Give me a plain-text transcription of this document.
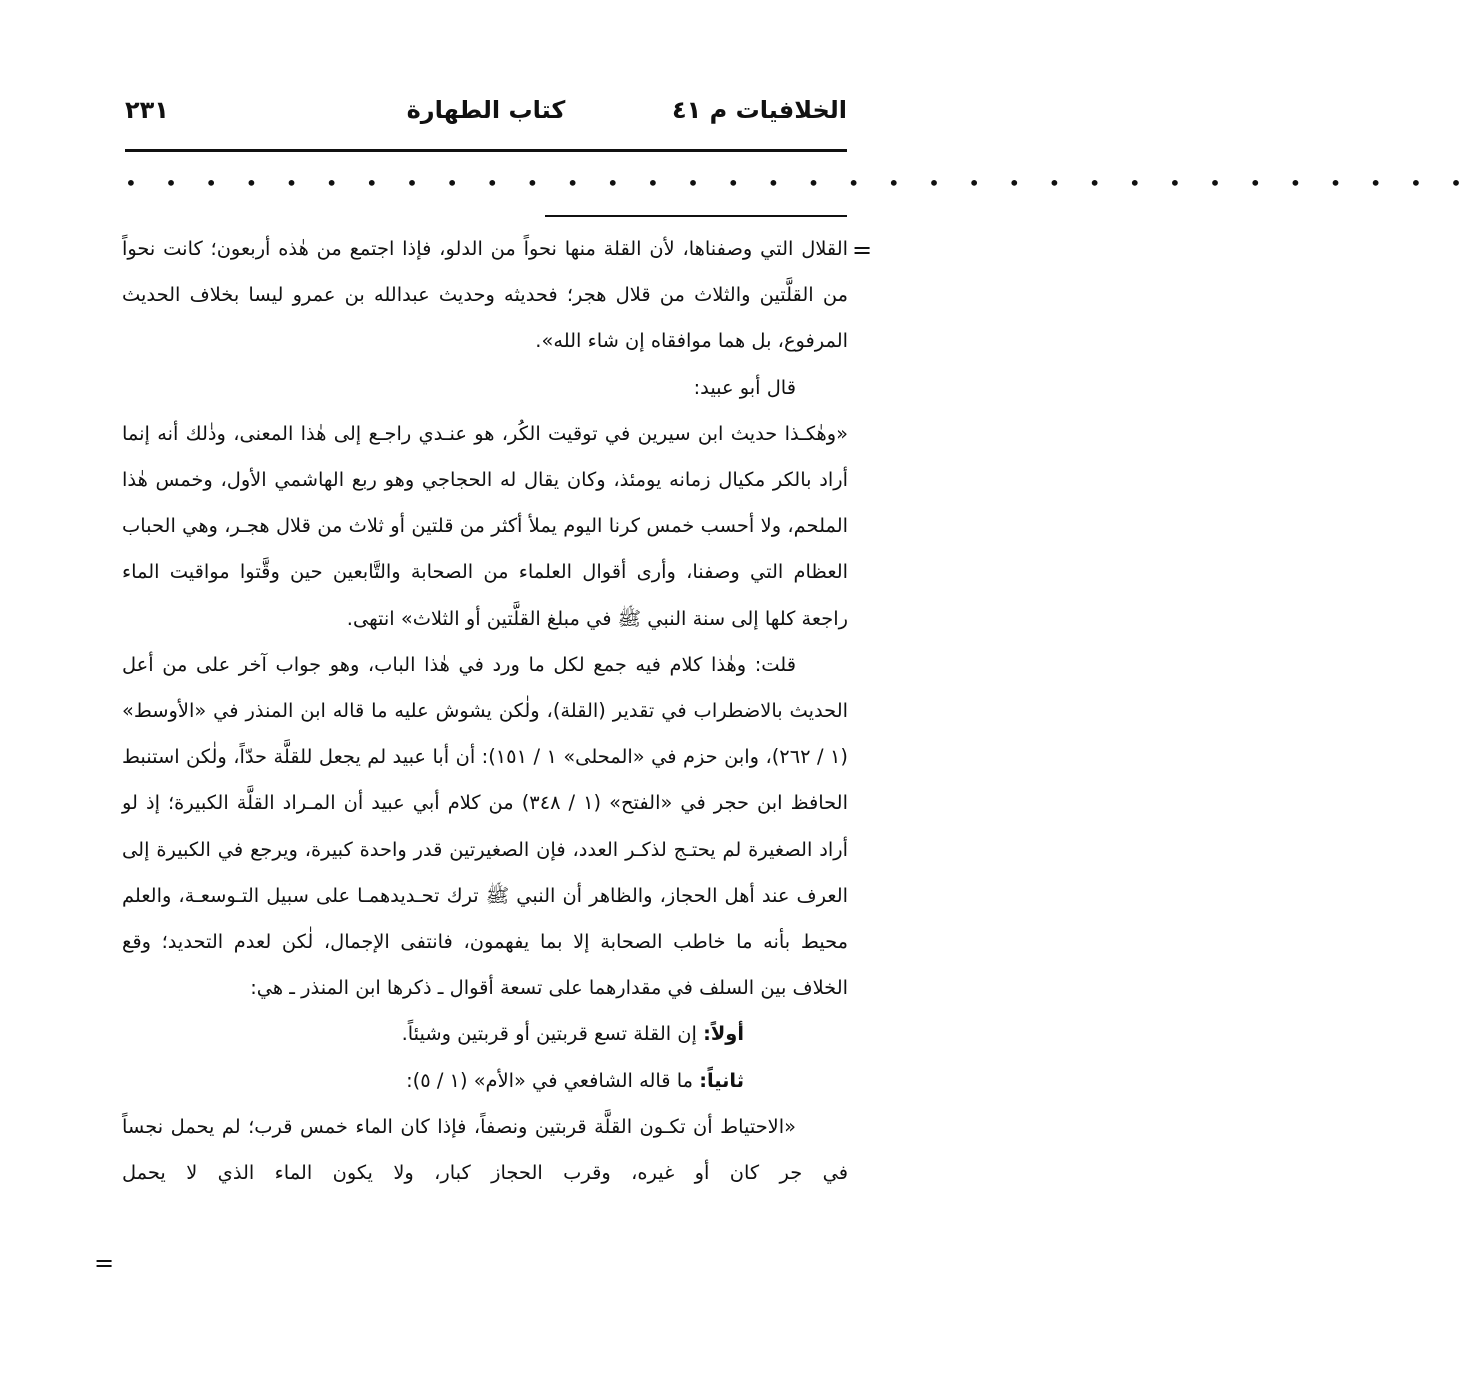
الخلافيات م ٤١
كتاب الطهارة
٢٣١
• • • • • • • • • • • • • • • • • • • • • • • • • • • • • • • • • •
=

القلال التي وصفناها، لأن القلة منها نحواً من الدلو، فإذا اجتمع من هٰذه أربعون؛ كانت نحواً من القلَّتين والثلاث من قلال هجر؛ فحديثه وحديث عبدالله بن عمرو ليسا بخلاف الحديث المرفوع، بل هما موافقاه إن شاء الله».

قال أبو عبيد:

«وهٰكـذا حديث ابن سيرين في توقيت الكُر، هو عنـدي راجـع إلى هٰذا المعنى، وذٰلك أنه إنما أراد بالكر مكيال زمانه يومئذ، وكان يقال له الحجاجي وهو ربع الهاشمي الأول، وخمس هٰذا الملحم، ولا أحسب خمس كرنا اليوم يملأ أكثر من قلتين أو ثلاث من قلال هجـر، وهي الحباب العظام التي وصفنا، وأرى أقوال العلماء من الصحابة والتَّابعين حين وقَّتوا مواقيت الماء راجعة كلها إلى سنة النبي ﷺ في مبلغ القلَّتين أو الثلاث» انتهى.

قلت: وهٰذا كلام فيه جمع لكل ما ورد في هٰذا الباب، وهو جواب آخر على من أعل الحديث بالاضطراب في تقدير (القلة)، ولٰكن يشوش عليه ما قاله ابن المنذر في «الأوسط» (١ / ٢٦٢)، وابن حزم في «المحلى» ١ / ١٥١): أن أبا عبيد لم يجعل للقلَّة حدّاً، ولٰكن استنبط الحافظ ابن حجر في «الفتح» (١ / ٣٤٨) من كلام أبي عبيد أن المـراد القلَّة الكبيرة؛ إذ لو أراد الصغيرة لم يحتـج لذكـر العدد، فإن الصغيرتين قدر واحدة كبيرة، ويرجع في الكبيرة إلى العرف عند أهل الحجاز، والظاهر أن النبي ﷺ ترك تحـديدهمـا على سبيل التـوسعـة، والعلم محيط بأنه ما خاطب الصحابة إلا بما يفهمون، فانتفى الإجمال، لٰكن لعدم التحديد؛ وقع الخلاف بين السلف في مقدارهما على تسعة أقوال ـ ذكرها ابن المنذر ـ هي:

أولاً: إن القلة تسع قربتين أو قربتين وشيئاً.

ثانياً: ما قاله الشافعي في «الأم» (١ / ٥):

«الاحتياط أن تكـون القلَّة قربتين ونصفاً، فإذا كان الماء خمس قرب؛ لم يحمل نجساً في جر كان أو غيره، وقرب الحجاز كبار، ولا يكون الماء الذي لا يحمل

=
